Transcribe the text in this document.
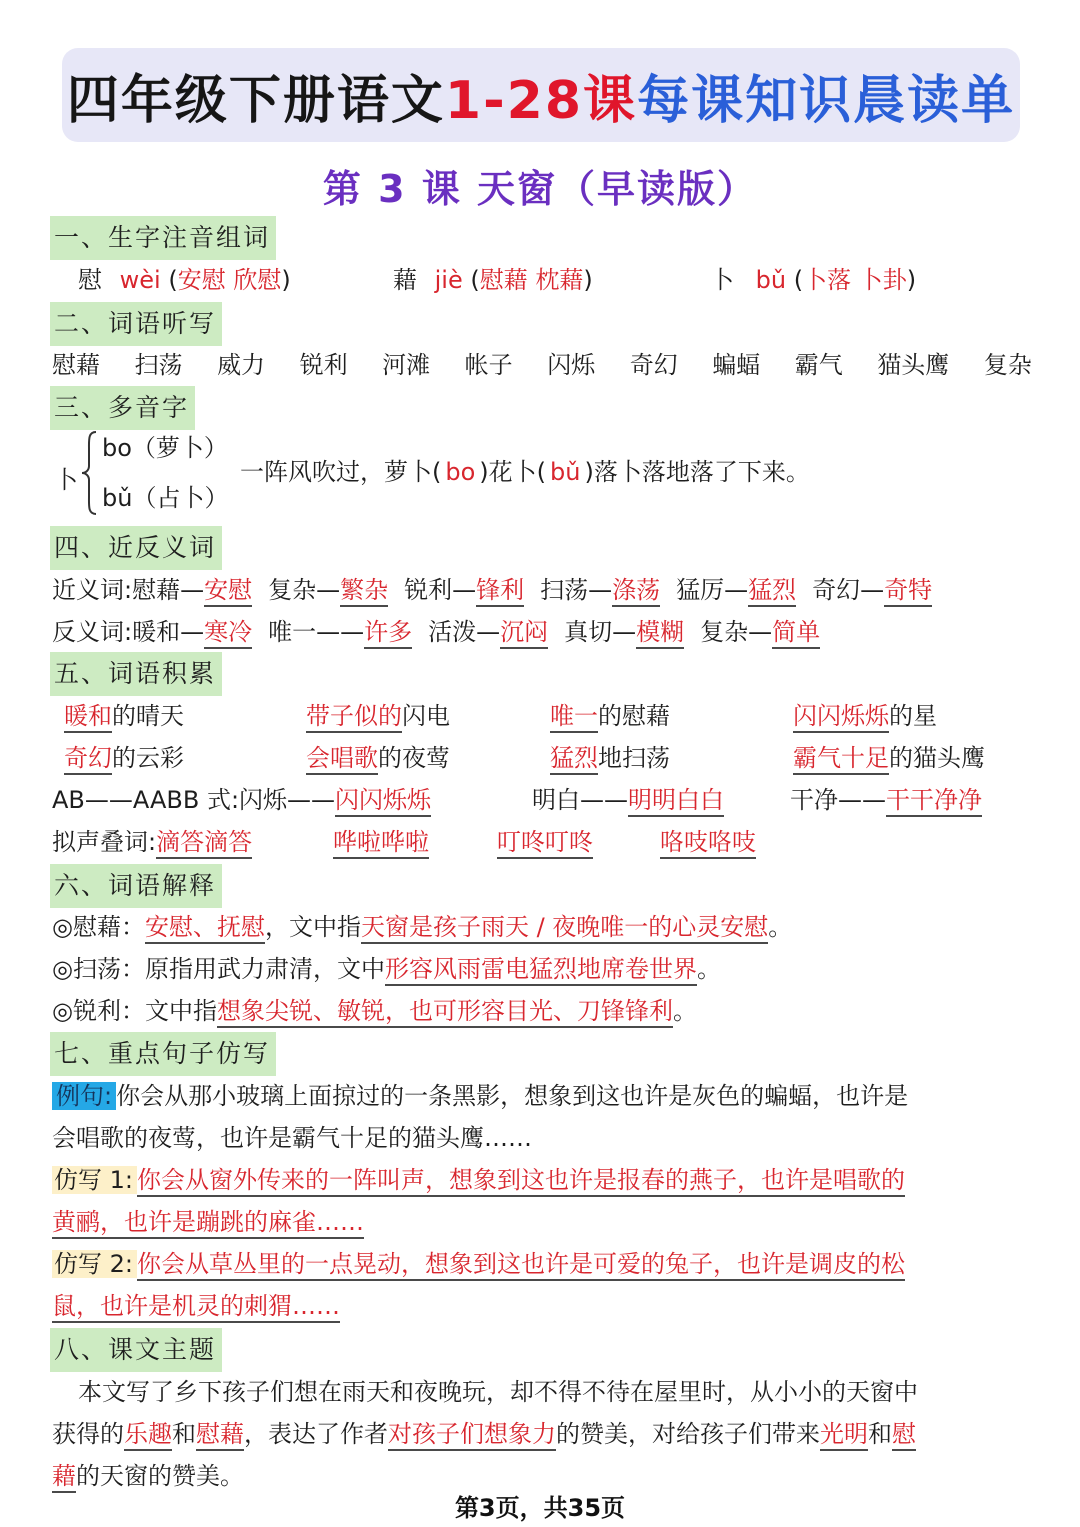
四年级下册语文 1-28课 每课知识晨读单
第 3 课 天窗（早读版）
一、生字注音组词
慰 wèi (安慰 欣慰)	藉 jiè (慰藉 枕藉)	卜 bǔ (卜落 卜卦)
二、词语听写
慰藉 扫荡 威力 锐利 河滩 帐子 闪烁 奇幻 蝙蝠 霸气 猫头鹰 复杂
三、多音字
卜
bo（萝卜）
bǔ（占卜）
一阵风吹过，萝卜( bo )花卜( bǔ )落卜落地落了下来。
四、近反义词
近义词:慰藉—安慰 复杂—繁杂 锐利—锋利 扫荡—涤荡 猛厉—猛烈 奇幻—奇特
反义词:暖和—寒冷 唯一——许多 活泼—沉闷 真切—模糊 复杂—简单
五、词语积累
暖和的晴天	带子似的闪电	唯一的慰藉	闪闪烁烁的星
奇幻的云彩	会唱歌的夜莺	猛烈地扫荡	霸气十足的猫头鹰
AB——AABB 式:闪烁——闪闪烁烁	明白——明明白白	干净——干干净净
拟声叠词:滴答滴答	哗啦哗啦	叮咚叮咚	咯吱咯吱
六、词语解释
◎慰藉：安慰、抚慰，文中指天窗是孩子雨天 / 夜晚唯一的心灵安慰。
◎扫荡：原指用武力肃清，文中形容风雨雷电猛烈地席卷世界。
◎锐利：文中指想象尖锐、敏锐，也可形容目光、刀锋锋利。
七、重点句子仿写
例句: 你会从那小玻璃上面掠过的一条黑影，想象到这也许是灰色的蝙蝠，也许是
会唱歌的夜莺，也许是霸气十足的猫头鹰……
仿写 1: 你会从窗外传来的一阵叫声，想象到这也许是报春的燕子，也许是唱歌的
黄鹂，也许是蹦跳的麻雀……
仿写 2: 你会从草丛里的一点晃动，想象到这也许是可爱的兔子，也许是调皮的松
鼠，也许是机灵的刺猬……
八、课文主题
本文写了乡下孩子们想在雨天和夜晚玩，却不得不待在屋里时，从小小的天窗中
获得的乐趣和慰藉，表达了作者对孩子们想象力的赞美，对给孩子们带来光明和慰
藉的天窗的赞美。
第3页，共35页
